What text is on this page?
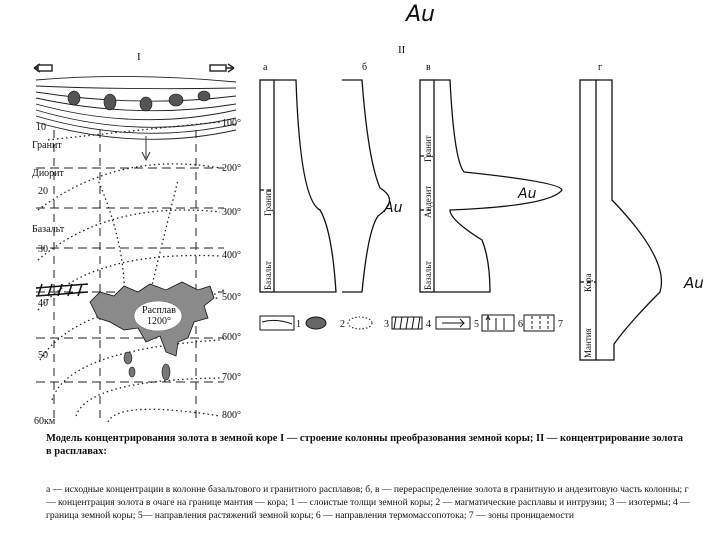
Au
I
10
20
30
40
50
60км
Гранит
Диорит
Базальт
100°
200°
300°
400°
500°
600°
700°
800°
Расплав
1200°
II
а	б	в	г
Гранит
Базальт
Au
Гранит
Андезит
Базальт
Au
Кора
Мантия
Au
1	2	3	4	5	6	7
Модель концентрирования золота в земной коре I — строение колонны преобразования земной коры; II — концентрирование золота в расплавах:
а — исходные концентрации в колонне базальтового и гранитного расплавов; б, в — перераспределение золота в гранитную и андезитовую часть колонны; г — концентрация золота в очаге на границе мантия — кора; 1 — слоистые толщи земной коры; 2 — магматические расплавы и интрузии; 3 — изотермы; 4 — граница земной коры; 5— направления растяжений земной коры; 6 — направления термомассопотока; 7 — зоны проницаемости
